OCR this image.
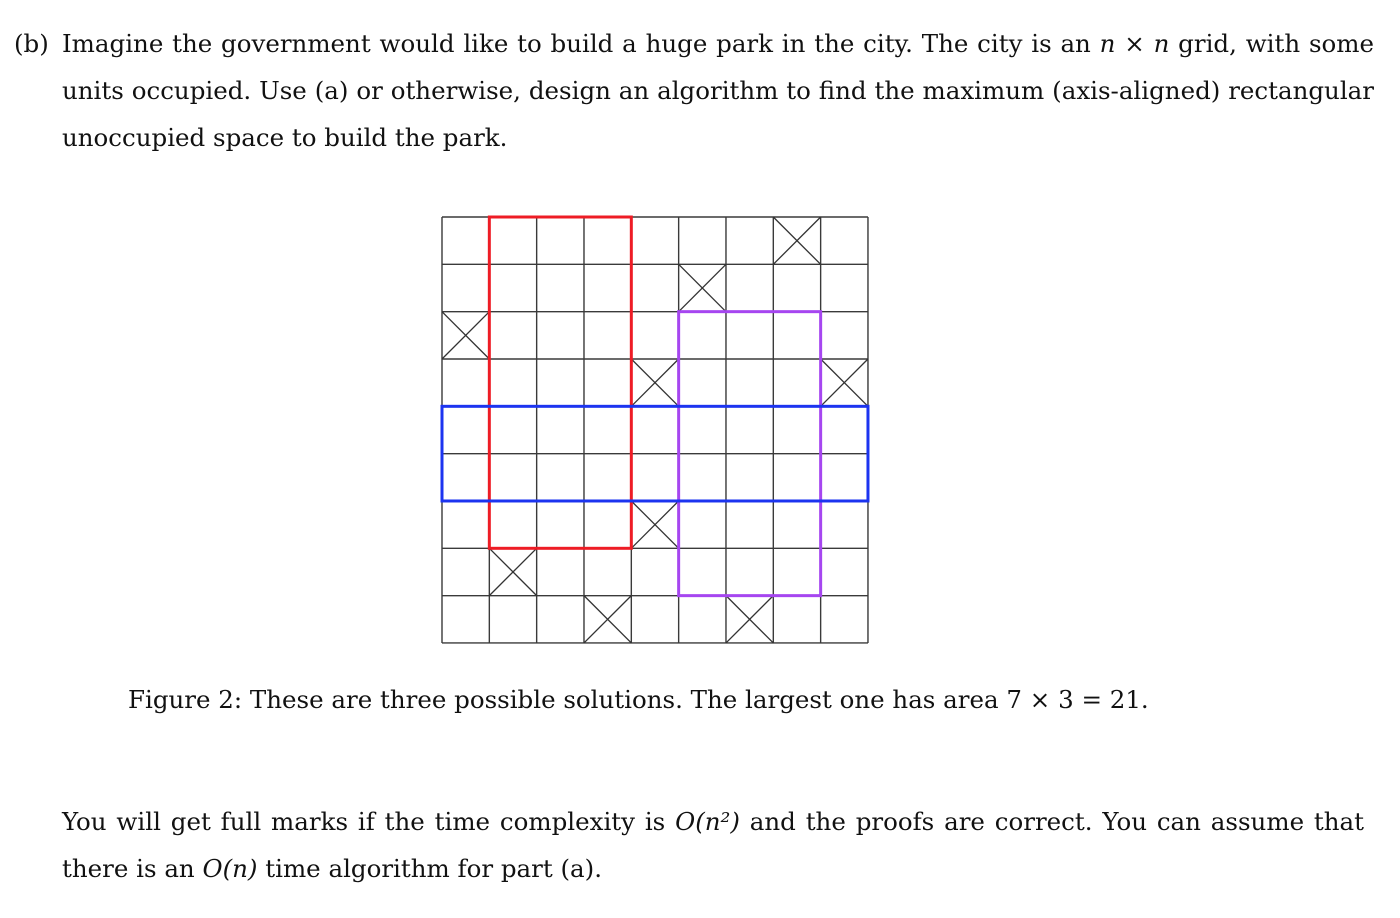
(b) Imagine the government would like to build a huge park in the city. The city is an n × n grid, with some units occupied. Use (a) or otherwise, design an algorithm to find the maximum (axis-aligned) rectangular unoccupied space to build the park.
Figure 2: These are three possible solutions. The largest one has area 7 × 3 = 21.
You will get full marks if the time complexity is O(n²) and the proofs are correct. You can assume that there is an O(n) time algorithm for part (a).
